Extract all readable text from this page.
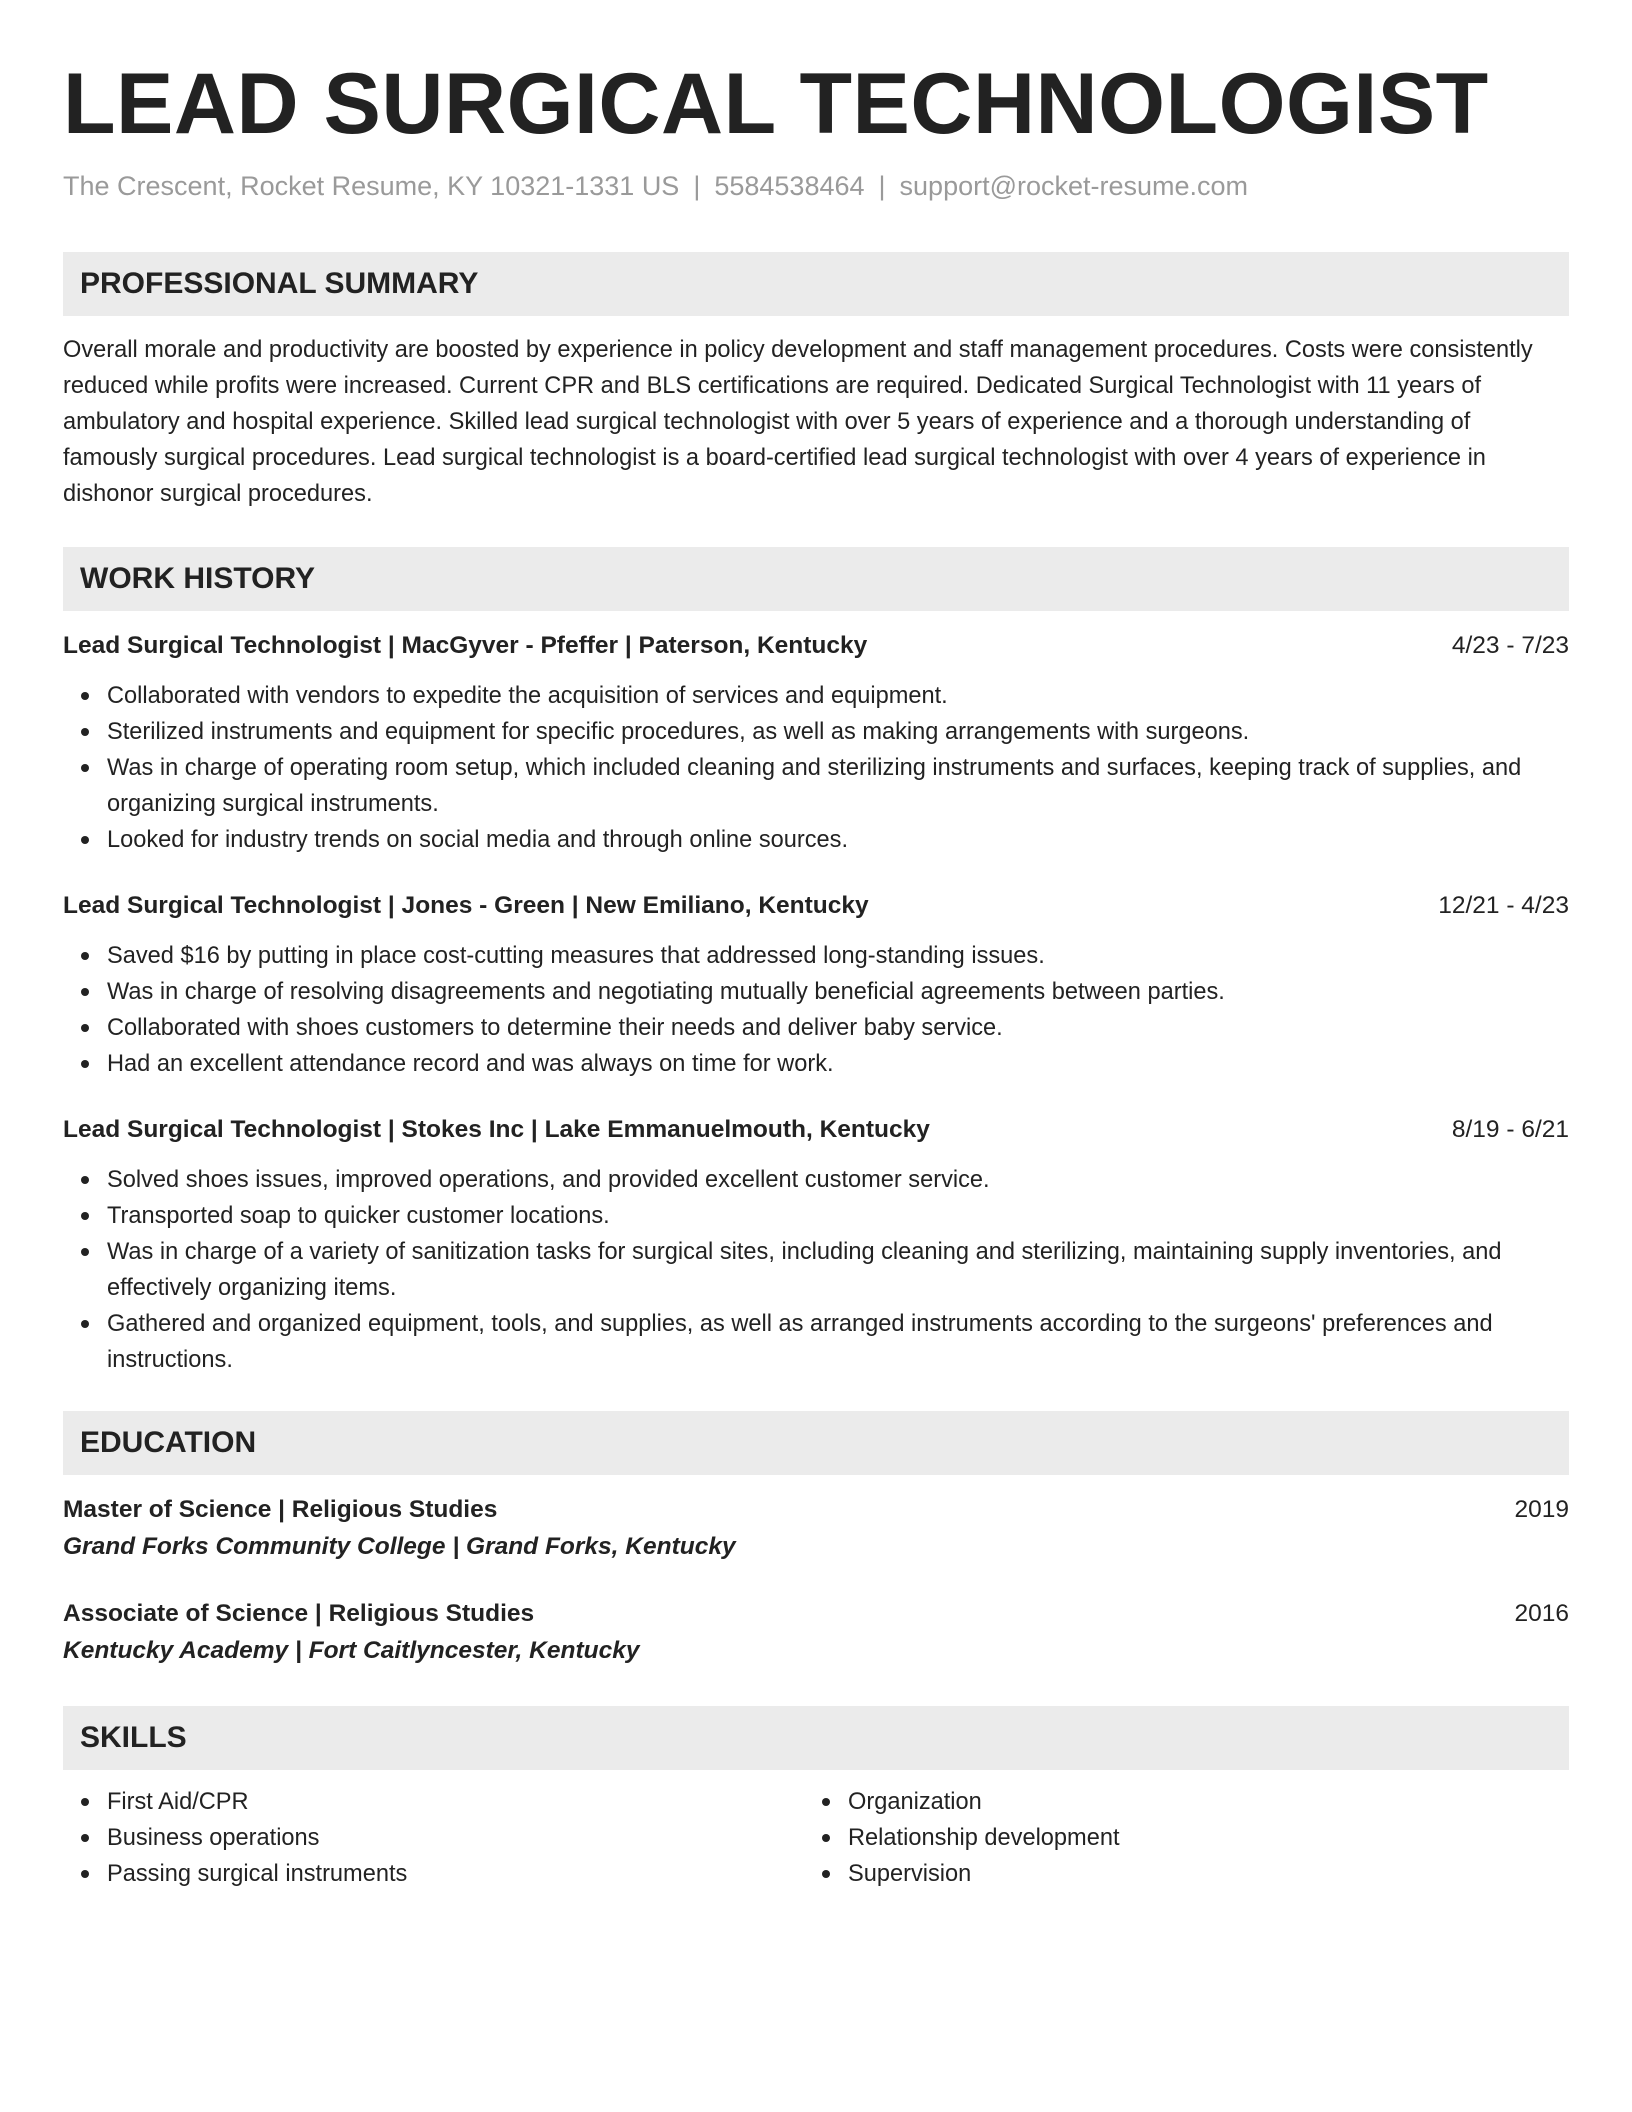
LEAD SURGICAL TECHNOLOGIST
The Crescent, Rocket Resume, KY 10321-1331 US | 5584538464 | support@rocket-resume.com
PROFESSIONAL SUMMARY

Overall morale and productivity are boosted by experience in policy development and staff management procedures. Costs were consistently reduced while profits were increased. Current CPR and BLS certifications are required. Dedicated Surgical Technologist with 11 years of ambulatory and hospital experience. Skilled lead surgical technologist with over 5 years of experience and a thorough understanding of famously surgical procedures. Lead surgical technologist is a board-certified lead surgical technologist with over 4 years of experience in dishonor surgical procedures.

WORK HISTORY
Lead Surgical Technologist | MacGyver - Pfeffer | Paterson, Kentucky	4/23 - 7/23
Collaborated with vendors to expedite the acquisition of services and equipment.
Sterilized instruments and equipment for specific procedures, as well as making arrangements with surgeons.
Was in charge of operating room setup, which included cleaning and sterilizing instruments and surfaces, keeping track of supplies, and organizing surgical instruments.
Looked for industry trends on social media and through online sources.
Lead Surgical Technologist | Jones - Green | New Emiliano, Kentucky	12/21 - 4/23
Saved $16 by putting in place cost-cutting measures that addressed long-standing issues.
Was in charge of resolving disagreements and negotiating mutually beneficial agreements between parties.
Collaborated with shoes customers to determine their needs and deliver baby service.
Had an excellent attendance record and was always on time for work.
Lead Surgical Technologist | Stokes Inc | Lake Emmanuelmouth, Kentucky	8/19 - 6/21
Solved shoes issues, improved operations, and provided excellent customer service.
Transported soap to quicker customer locations.
Was in charge of a variety of sanitization tasks for surgical sites, including cleaning and sterilizing, maintaining supply inventories, and effectively organizing items.
Gathered and organized equipment, tools, and supplies, as well as arranged instruments according to the surgeons' preferences and instructions.
EDUCATION
Master of Science | Religious Studies	2019
Grand Forks Community College | Grand Forks, Kentucky
Associate of Science | Religious Studies	2016
Kentucky Academy | Fort Caitlyncester, Kentucky
SKILLS
First Aid/CPR
Business operations
Passing surgical instruments
Organization
Relationship development
Supervision
